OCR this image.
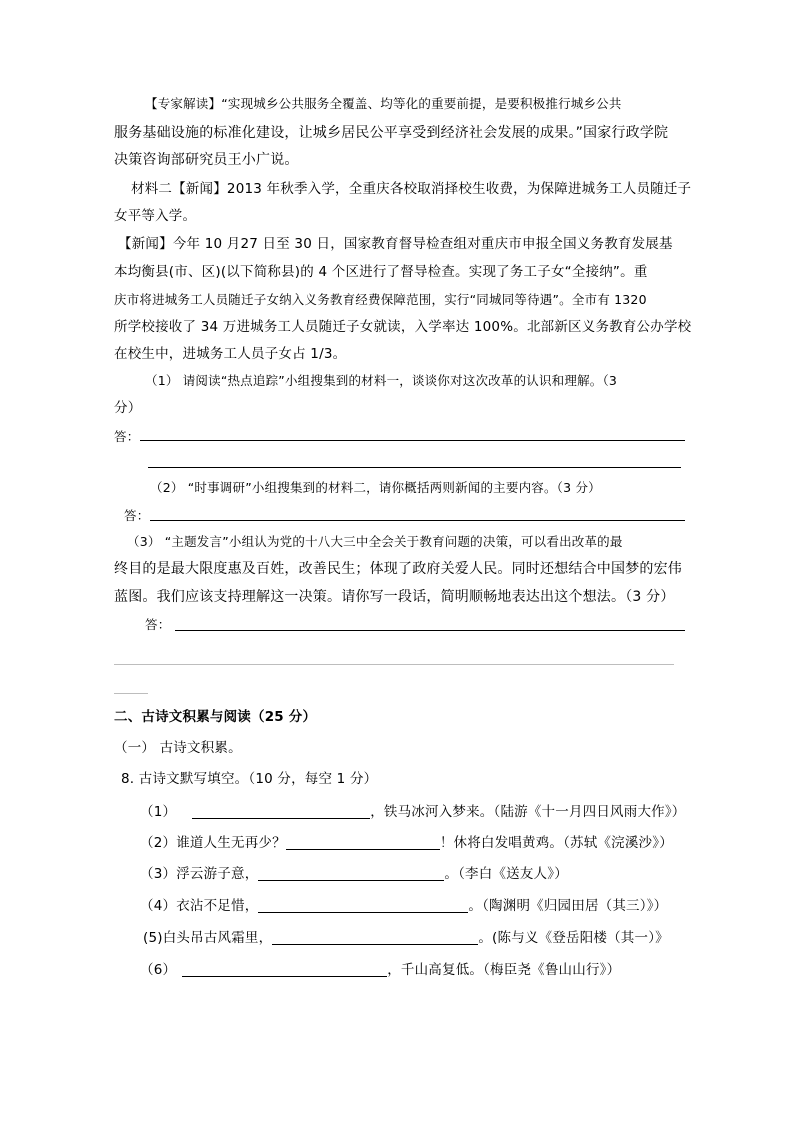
【专家解读】“实现城乡公共服务全覆盖、均等化的重要前提，是要积极推行城乡公共
服务基础设施的标准化建设，让城乡居民公平享受到经济社会发展的成果。”国家行政学院
决策咨询部研究员王小广说。
材料二【新闻】2013 年秋季入学，全重庆各校取消择校生收费，为保障进城务工人员随迁子
女平等入学。
【新闻】今年 10 月27 日至 30 日，国家教育督导检查组对重庆市申报全国义务教育发展基
本均衡县(市、区)(以下简称县)的 4 个区进行了督导检查。实现了务工子女“全接纳”。重
庆市将进城务工人员随迁子女纳入义务教育经费保障范围，实行“同城同等待遇”。全市有 1320
所学校接收了 34 万进城务工人员随迁子女就读，入学率达 100%。北部新区义务教育公办学校
在校生中，进城务工人员子女占 1/3。
（1） 请阅读“热点追踪”小组搜集到的材料一，谈谈你对这次改革的认识和理解。（3
分）
答：
（2） “时事调研”小组搜集到的材料二，请你概括两则新闻的主要内容。（3 分）
答：
（3） “主题发言”小组认为党的十八大三中全会关于教育问题的决策，可以看出改革的最
终目的是最大限度惠及百姓，改善民生；体现了政府关爱人民。同时还想结合中国梦的宏伟
蓝图。我们应该支持理解这一决策。请你写一段话，简明顺畅地表达出这个想法。（3 分）
答：
二、古诗文积累与阅读（25 分）
（一） 古诗文积累。
8. 古诗文默写填空。（10 分，每空 1 分）
（1）	，铁马冰河入梦来。（陆游《十一月四日风雨大作》）
（2）谁道人生无再少？	！休将白发唱黄鸡。（苏轼《浣溪沙》）
（3）浮云游子意，	。（李白《送友人》）
（4）衣沾不足惜，	。（陶渊明《归园田居（其三）》）
(5)白头吊古风霜里，	。(陈与义《登岳阳楼（其一）》
（6）	，千山高复低。（梅臣尧《鲁山山行》）
